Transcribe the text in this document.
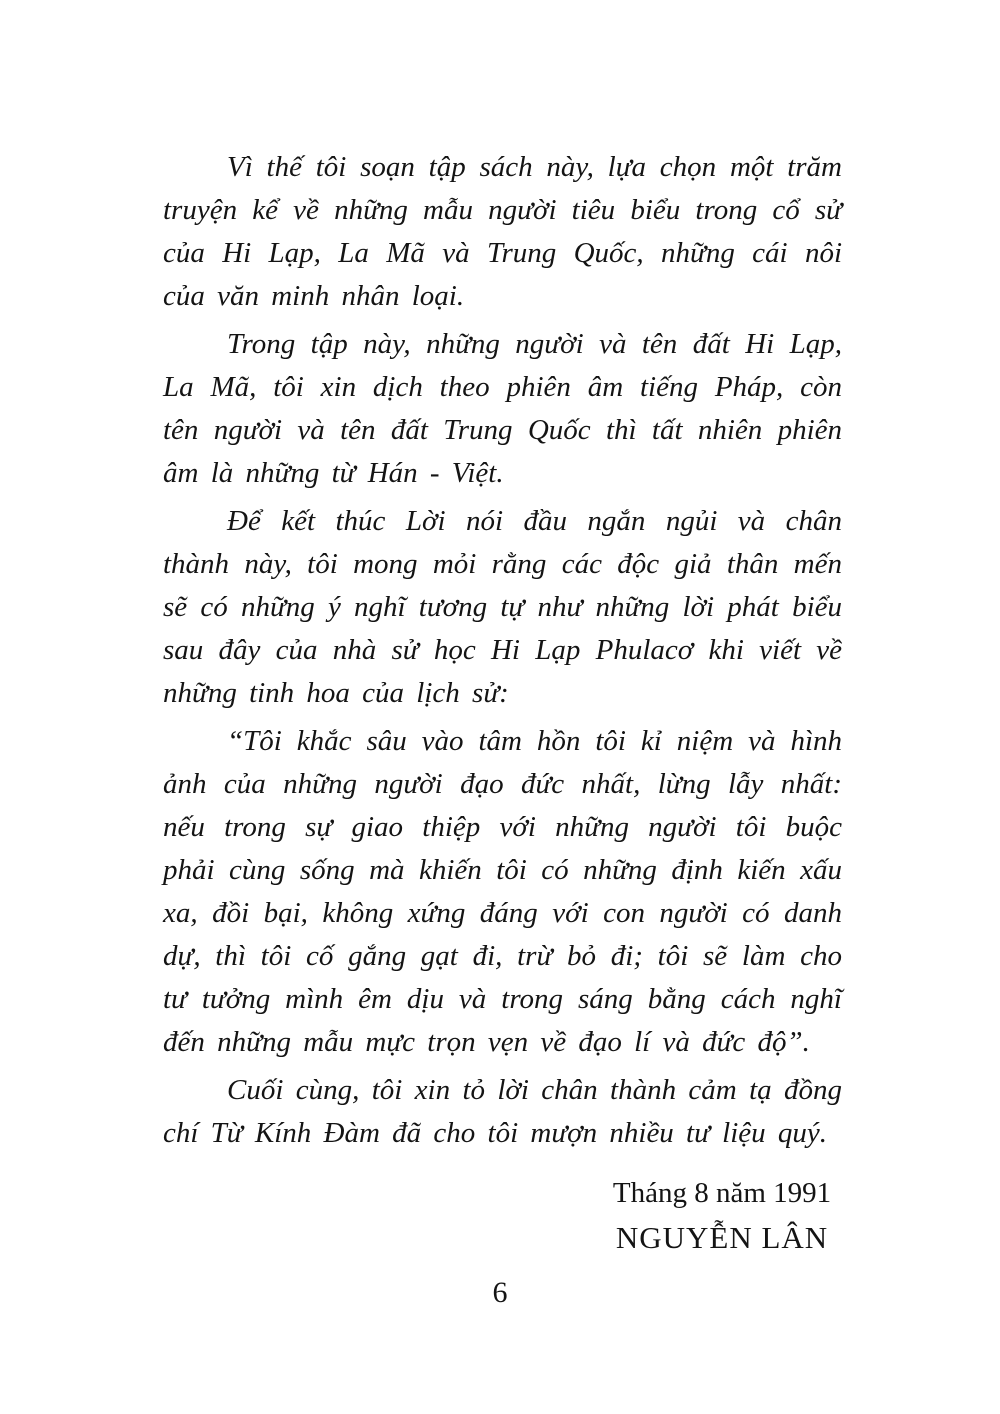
Vì thế tôi soạn tập sách này, lựa chọn một trăm truyện kể về những mẫu người tiêu biểu trong cổ sử của Hi Lạp, La Mã và Trung Quốc, những cái nôi của văn minh nhân loại.

Trong tập này, những người và tên đất Hi Lạp, La Mã, tôi xin dịch theo phiên âm tiếng Pháp, còn tên người và tên đất Trung Quốc thì tất nhiên phiên âm là những từ Hán - Việt.

Để kết thúc Lời nói đầu ngắn ngủi và chân thành này, tôi mong mỏi rằng các độc giả thân mến sẽ có những ý nghĩ tương tự như những lời phát biểu sau đây của nhà sử học Hi Lạp Phulacơ khi viết về những tinh hoa của lịch sử:

“Tôi khắc sâu vào tâm hồn tôi kỉ niệm và hình ảnh của những người đạo đức nhất, lừng lẫy nhất: nếu trong sự giao thiệp với những người tôi buộc phải cùng sống mà khiến tôi có những định kiến xấu xa, đồi bại, không xứng đáng với con người có danh dự, thì tôi cố gắng gạt đi, trừ bỏ đi; tôi sẽ làm cho tư tưởng mình êm dịu và trong sáng bằng cách nghĩ đến những mẫu mực trọn vẹn về đạo lí và đức độ”.

Cuối cùng, tôi xin tỏ lời chân thành cảm tạ đồng chí Từ Kính Đàm đã cho tôi mượn nhiều tư liệu quý.

Tháng 8 năm 1991
NGUYỄN LÂN
6
